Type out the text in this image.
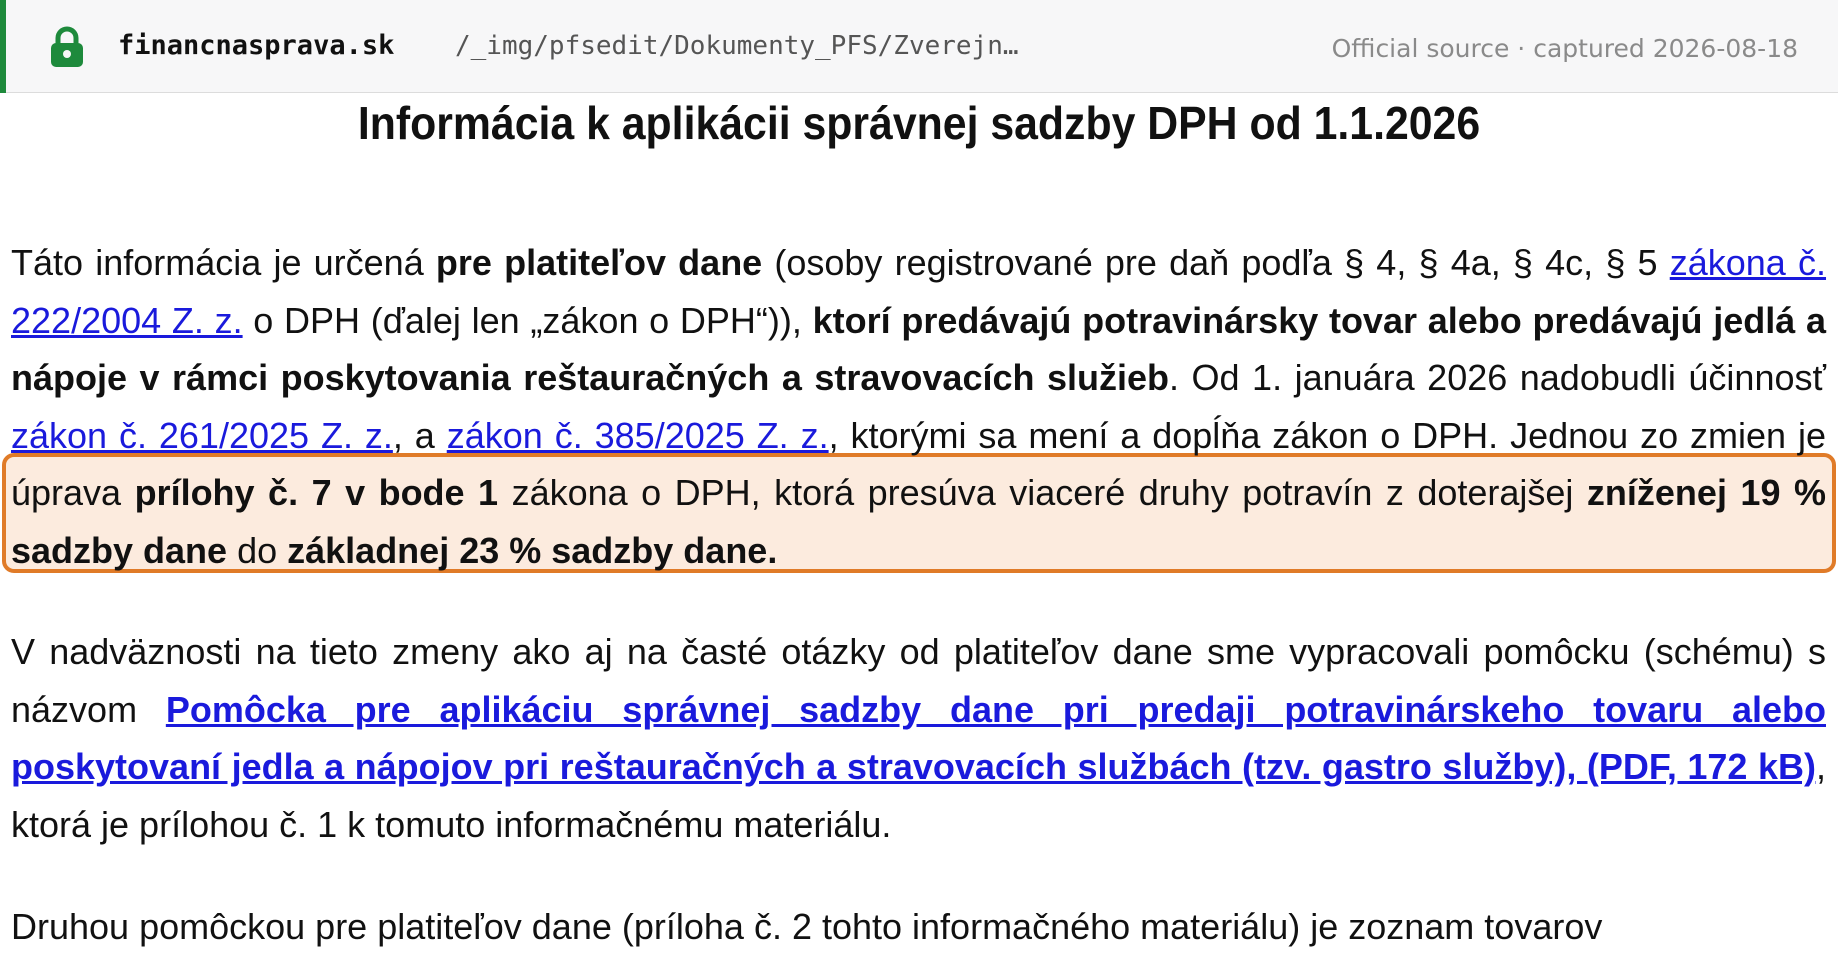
financnasprava.sk /_img/pfsedit/Dokumenty_PFS/Zverejn…	Official source · captured 2026-08-18
Informácia k aplikácii správnej sadzby DPH od 1.1.2026
Táto informácia je určená pre platiteľov dane (osoby registrované pre daň podľa § 4, § 4a, § 4c, § 5 zákona č. 222/2004 Z. z. o DPH (ďalej len „zákon o DPH“)), ktorí predávajú potravinársky tovar alebo predávajú jedlá a nápoje v rámci poskytovania reštauračných a stravovacích služieb. Od 1. januára 2026 nadobudli účinnosť zákon č. 261/2025 Z. z., a zákon č. 385/2025 Z. z., ktorými sa mení a dopĺňa zákon o DPH. Jednou zo zmien je úprava prílohy č. 7 v bode 1 zákona o DPH, ktorá presúva viaceré druhy potravín z doterajšej zníženej 19 % sadzby dane do základnej 23 % sadzby dane.
V nadväznosti na tieto zmeny ako aj na časté otázky od platiteľov dane sme vypracovali pomôcku (schému) s názvom Pomôcka pre aplikáciu správnej sadzby dane pri predaji potravinárskeho tovaru alebo poskytovaní jedla a nápojov pri reštauračných a stravovacích službách (tzv. gastro služby), (PDF, 172 kB), ktorá je prílohou č. 1 k tomuto informačnému materiálu.
Druhou pomôckou pre platiteľov dane (príloha č. 2 tohto informačného materiálu) je zoznam tovarov
